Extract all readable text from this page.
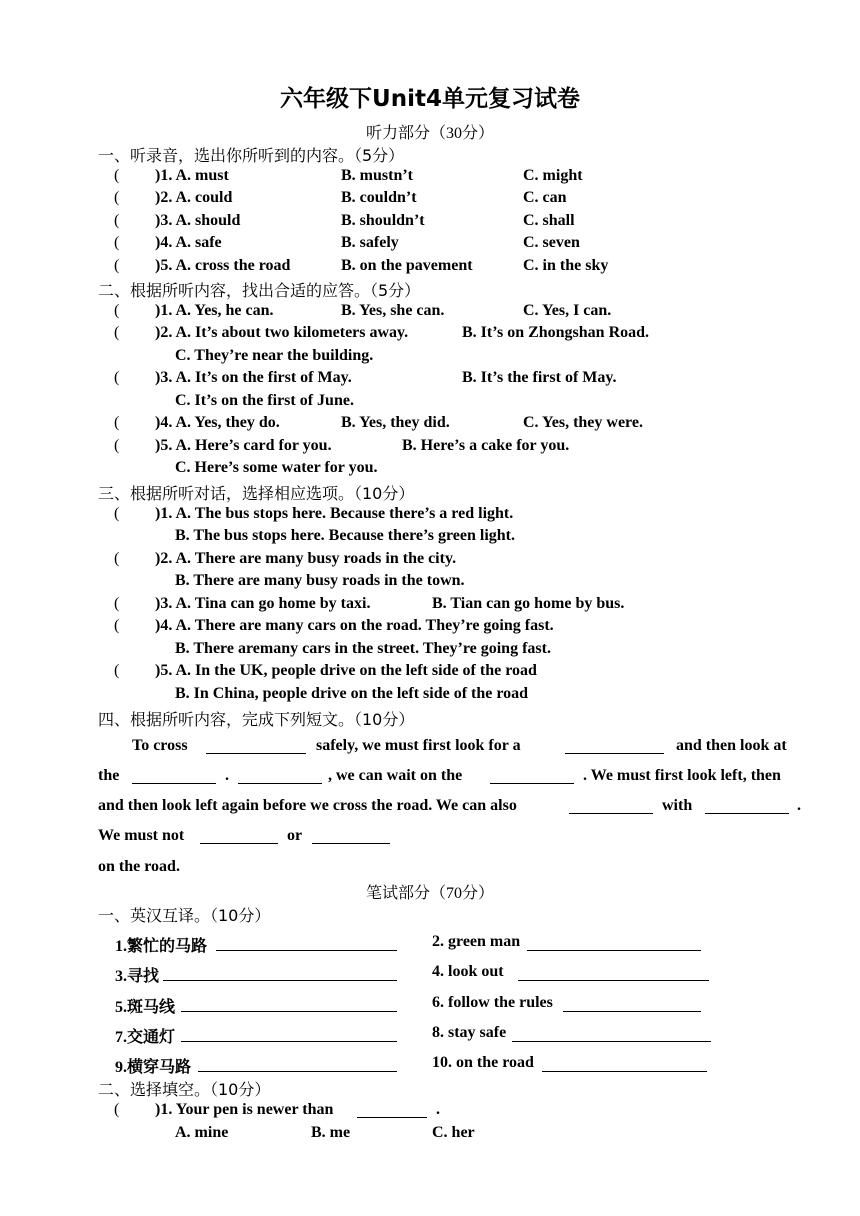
六年级下Unit4单元复习试卷
听力部分（30分）
一、听录音，选出你所听到的内容。（5分）
( )1. A. must	B. mustn’t	C. might
( )2. A. could	B. couldn’t	C. can
( )3. A. should	B. shouldn’t	C. shall
( )4. A. safe	B. safely	C. seven
( )5. A. cross the road	B. on the pavement	C. in the sky
二、根据所听内容，找出合适的应答。（5分）
( )1. A. Yes, he can.	B. Yes, she can.	C. Yes, I can.
( )2. A. It’s about two kilometers away.	B. It’s on Zhongshan Road.
C. They’re near the building.
( )3. A. It’s on the first of May.	B. It’s the first of May.
C. It’s on the first of June.
( )4. A. Yes, they do.	B. Yes, they did.	C. Yes, they were.
( )5. A. Here’s card for you.	B. Here’s a cake for you.
C. Here’s some water for you.
三、根据所听对话，选择相应选项。（10分）
( )1. A. The bus stops here. Because there’s a red light.
B. The bus stops here. Because there’s green light.
( )2. A. There are many busy roads in the city.
B. There are many busy roads in the town.
( )3. A. Tina can go home by taxi.	B. Tian can go home by bus.
( )4. A. There are many cars on the road. They’re going fast.
B. There aremany cars in the street. They’re going fast.
( )5. A. In the UK, people drive on the left side of the road
B. In China, people drive on the left side of the road
四、根据所听内容，完成下列短文。（10分）
To cross	safely, we must first look for a	and then look at
the	.	, we can wait on the	. We must first look left, then
and then look left again before we cross the road. We can also	with	.
We must not	or
on the road.
笔试部分（70分）
一、英汉互译。（10分）
1.繁忙的马路	2. green man
3.寻找	4. look out
5.斑马线	6. follow the rules
7.交通灯	8. stay safe
9.横穿马路	10. on the road
二、选择填空。（10分）
( )1. Your pen is newer than	.
A. mine	B. me	C. her
